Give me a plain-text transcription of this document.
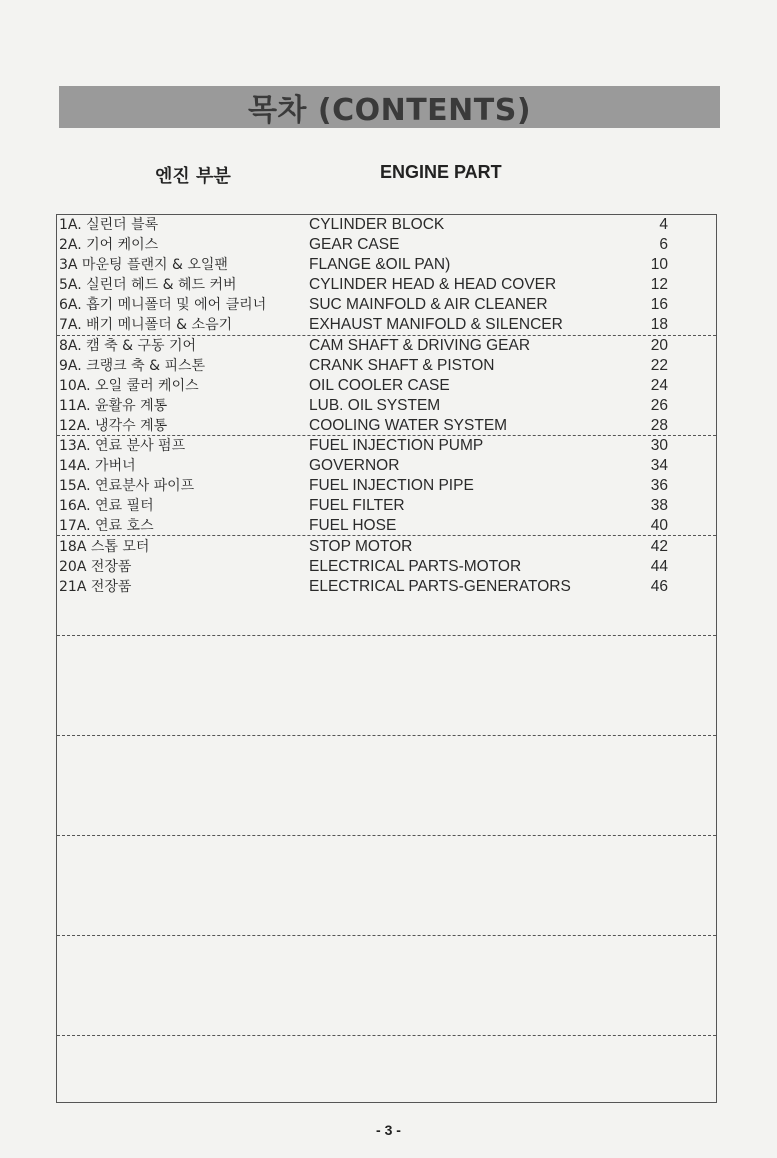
목차 (CONTENTS)
엔진 부분	ENGINE PART
1A. 실린더 블록	CYLINDER BLOCK	4
2A. 기어 케이스	GEAR CASE	6
3A 마운팅 플랜지 & 오일팬	FLANGE &OIL PAN)	10
5A. 실린더 헤드 & 헤드 커버	CYLINDER HEAD & HEAD COVER	12
6A. 흡기 메니폴더 및 에어 클리너	SUC MAINFOLD & AIR CLEANER	16
7A. 배기 메니폴더 & 소음기	EXHAUST MANIFOLD & SILENCER	18
8A. 캠 축 & 구동 기어	CAM SHAFT & DRIVING GEAR	20
9A. 크랭크 축 & 피스톤	CRANK SHAFT & PISTON	22
10A. 오일 쿨러 케이스	OIL COOLER CASE	24
11A. 윤활유 계통	LUB. OIL SYSTEM	26
12A. 냉각수 계통	COOLING WATER SYSTEM	28
13A. 연료 분사 펌프	FUEL INJECTION PUMP	30
14A. 가버너	GOVERNOR	34
15A. 연료분사 파이프	FUEL INJECTION PIPE	36
16A. 연료 필터	FUEL FILTER	38
17A. 연료 호스	FUEL HOSE	40
18A 스톱 모터	STOP MOTOR	42
20A 전장품	ELECTRICAL PARTS-MOTOR	44
21A 전장품	ELECTRICAL PARTS-GENERATORS	46
- 3 -
